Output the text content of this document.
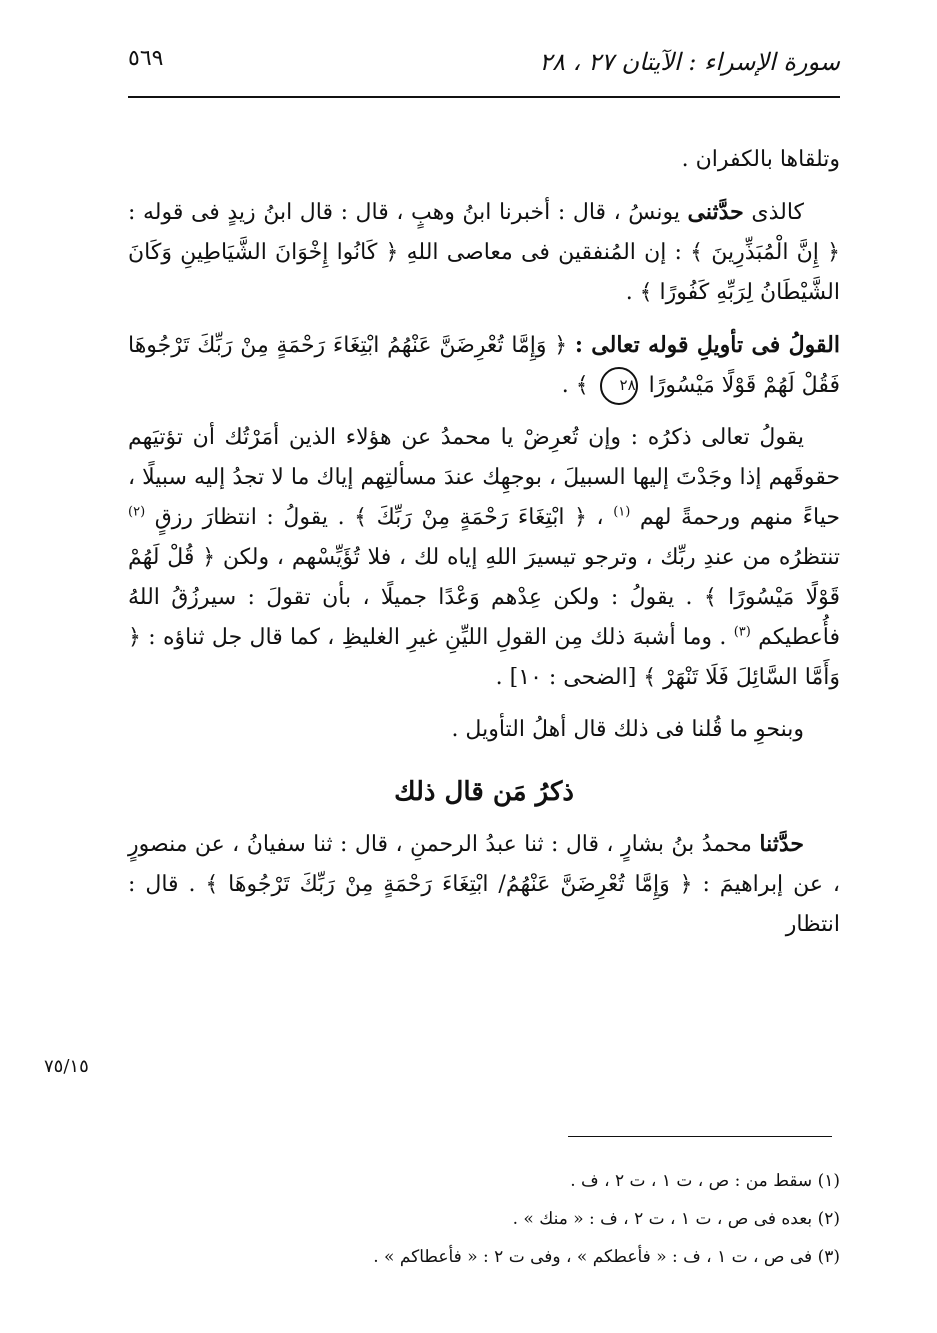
سورة الإسراء : الآيتان ٢٧ ، ٢٨
٥٦٩

وتلقاها بالكفران .

كالذى حدَّثنى يونسُ ، قال : أخبرنا ابنُ وهبٍ ، قال : قال ابنُ زيدٍ فى قوله : ﴿ إِنَّ الْمُبَذِّرِينَ ﴾ : إن المُنفقين فى معاصى اللهِ ﴿ كَانُوا إِخْوَانَ الشَّيَاطِينِ وَكَانَ الشَّيْطَانُ لِرَبِّهِ كَفُورًا ﴾ .

القولُ فى تأويلِ قوله تعالى : ﴿ وَإِمَّا تُعْرِضَنَّ عَنْهُمُ ابْتِغَاءَ رَحْمَةٍ مِنْ رَبِّكَ تَرْجُوهَا فَقُلْ لَهُمْ قَوْلًا مَيْسُورًا ٢٨ ﴾ .

يقولُ تعالى ذكرُه : وإن تُعرِضْ يا محمدُ عن هؤلاء الذين أمَرْتُك أن تؤتيَهم حقوقَهم إذا وجَدْتَ إليها السبيلَ ، بوجهِك عندَ مسألتِهم إياك ما لا تجدُ إليه سبيلًا ، حياءً منهم ورحمةً لهم $^{(١)}$ ، ﴿ ابْتِغَاءَ رَحْمَةٍ مِنْ رَبِّكَ ﴾ . يقولُ : انتظارَ رزقٍ $^{(٢)}$ تنتظرُه من عندِ ربِّك ، وترجو تيسيرَ اللهِ إياه لك ، فلا تُؤَيِّسْهم ، ولكن ﴿ قُلْ لَهُمْ قَوْلًا مَيْسُورًا ﴾ . يقولُ : ولكن عِدْهم وَعْدًا جميلًا ، بأن تقولَ : سيرزُقُ اللهُ فأُعطيكم $^{(٣)}$ . وما أشبهَ ذلك مِن القولِ الليِّنِ غيرِ الغليظِ ، كما قال جل ثناؤه : ﴿ وَأَمَّا السَّائِلَ فَلَا تَنْهَرْ ﴾ [الضحى : ١٠] .

وبنحوِ ما قُلنا فى ذلك قال أهلُ التأويل .

ذكرُ مَن قال ذلك

حدَّثنا محمدُ بنُ بشارٍ ، قال : ثنا عبدُ الرحمنِ ، قال : ثنا سفيانُ ، عن منصورٍ ، عن إبراهيمَ : ﴿ وَإِمَّا تُعْرِضَنَّ عَنْهُمُ/ ابْتِغَاءَ رَحْمَةٍ مِنْ رَبِّكَ تَرْجُوهَا ﴾ . قال : انتظار

٧٥/١٥

(١) سقط من : ص ، ت ١ ، ت ٢ ، ف .

(٢) بعده فى ص ، ت ١ ، ت ٢ ، ف : « منك » .

(٣) فى ص ، ت ١ ، ف : « فأعطكم » ، وفى ت ٢ : « فأعطاكم » .
